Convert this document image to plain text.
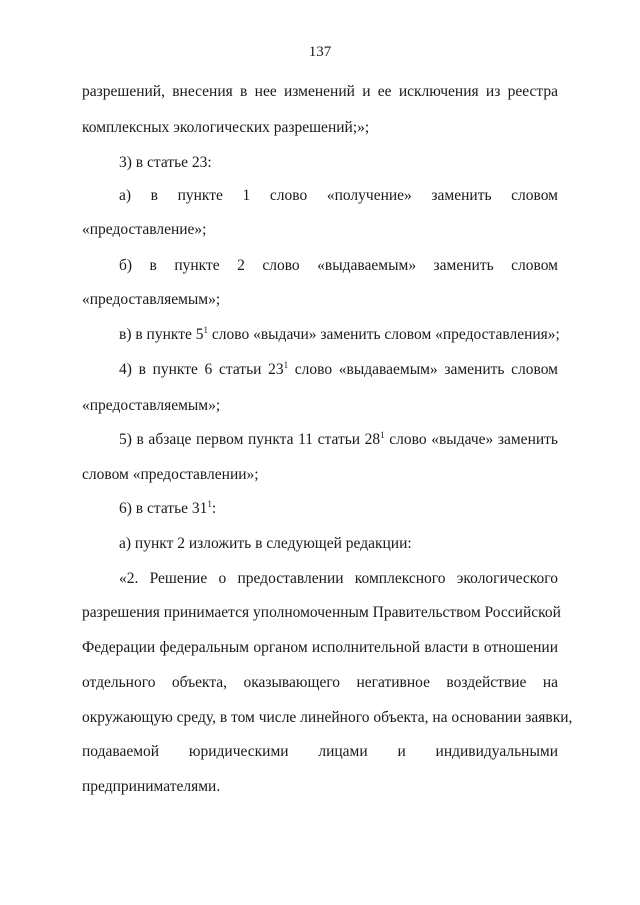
137
разрешений, внесения в нее изменений и ее исключения из реестра
комплексных экологических разрешений;»;
3) в статье 23:
а) в пункте 1 слово «получение» заменить словом
«предоставление»;
б) в пункте 2 слово «выдаваемым» заменить словом
«предоставляемым»;
в) в пункте $5^1$ слово «выдачи» заменить словом «предоставления»;
4) в пункте 6 статьи $23^1$ слово «выдаваемым» заменить словом
«предоставляемым»;
5) в абзаце первом пункта 11 статьи $28^1$ слово «выдаче» заменить
словом «предоставлении»;
6) в статье $31^1$:
а) пункт 2 изложить в следующей редакции:
«2. Решение о предоставлении комплексного экологического
разрешения принимается уполномоченным Правительством Российской
Федерации федеральным органом исполнительной власти в отношении
отдельного объекта, оказывающего негативное воздействие на
окружающую среду, в том числе линейного объекта, на основании заявки,
подаваемой юридическими лицами и индивидуальными
предпринимателями.
